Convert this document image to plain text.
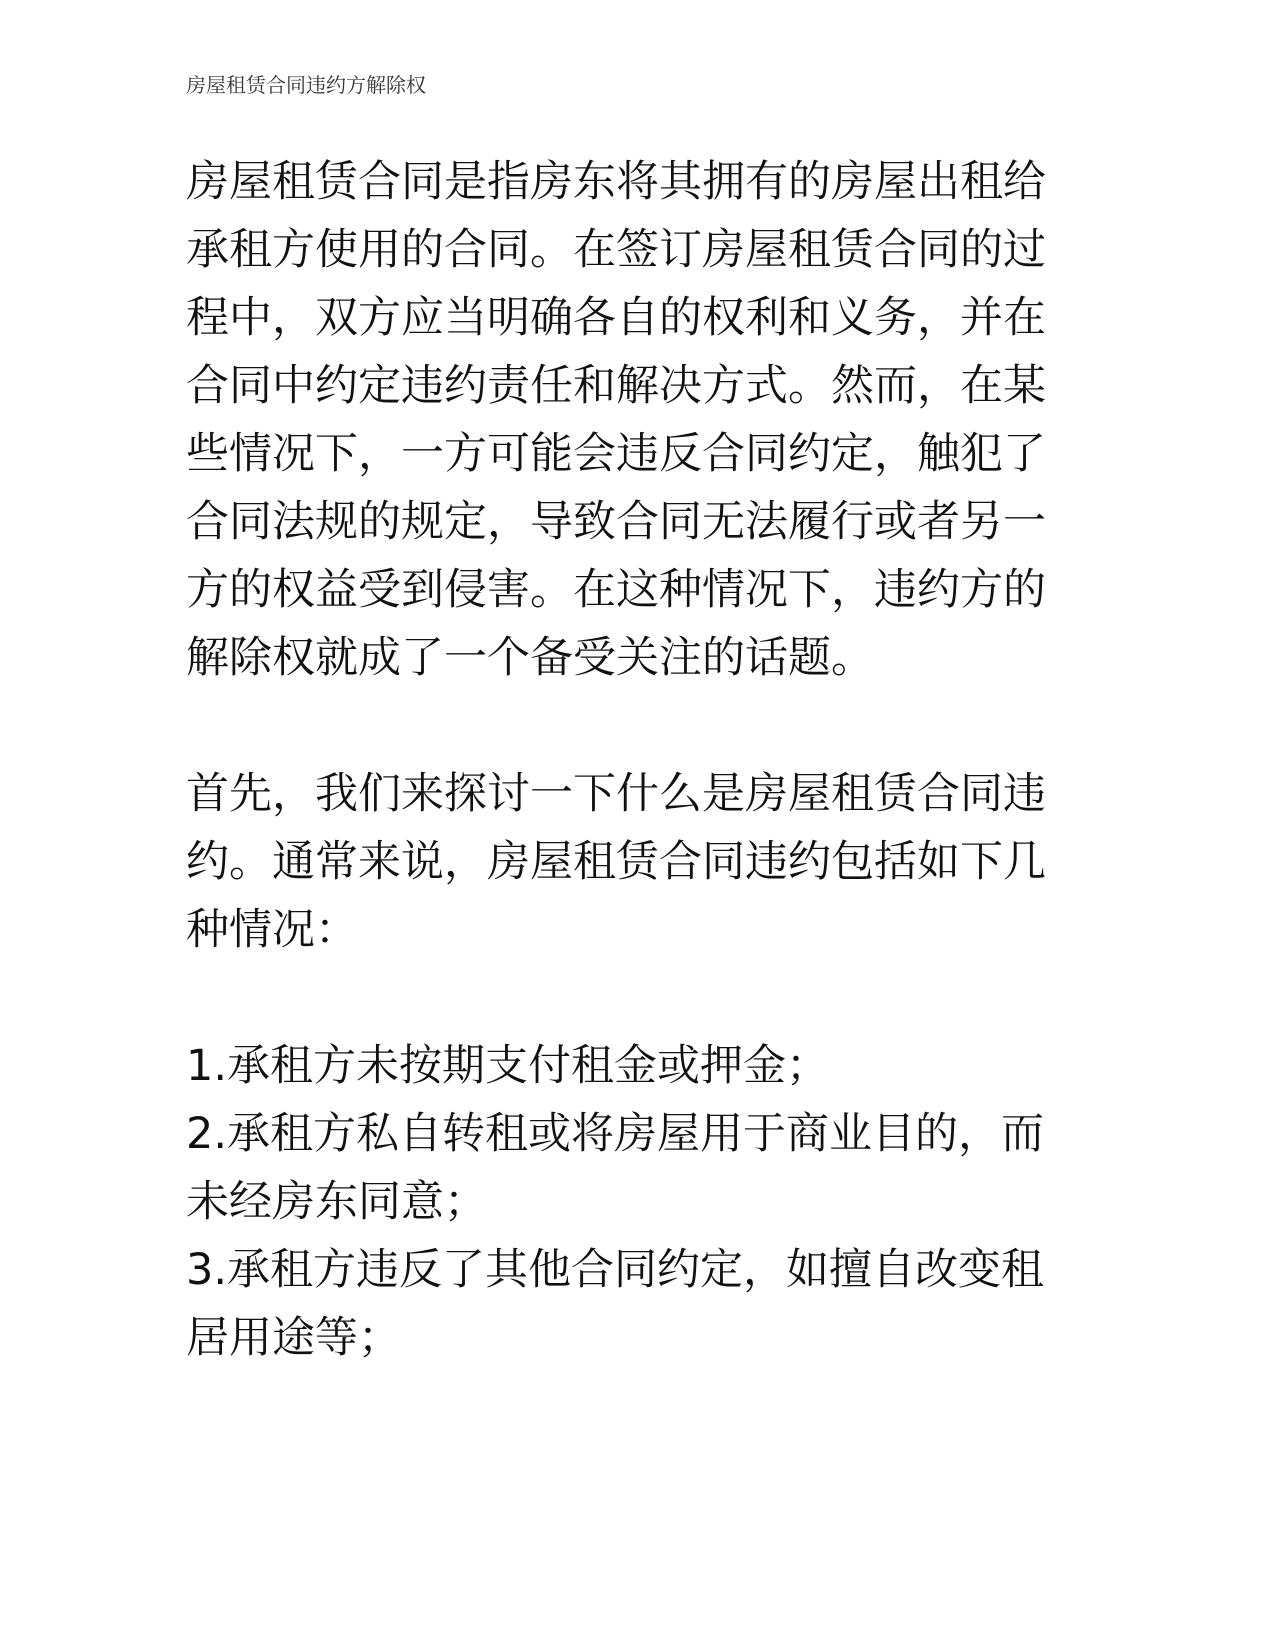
房屋租赁合同违约方解除权

房屋租赁合同是指房东将其拥有的房屋出租给承租方使用的合同。在签订房屋租赁合同的过程中，双方应当明确各自的权利和义务，并在合同中约定违约责任和解决方式。然而，在某些情况下，一方可能会违反合同约定，触犯了合同法规的规定，导致合同无法履行或者另一方的权益受到侵害。在这种情况下，违约方的解除权就成了一个备受关注的话题。

首先，我们来探讨一下什么是房屋租赁合同违约。通常来说，房屋租赁合同违约包括如下几种情况：

1.承租方未按期支付租金或押金；
2.承租方私自转租或将房屋用于商业目的，而未经房东同意；
3.承租方违反了其他合同约定，如擅自改变租居用途等；
